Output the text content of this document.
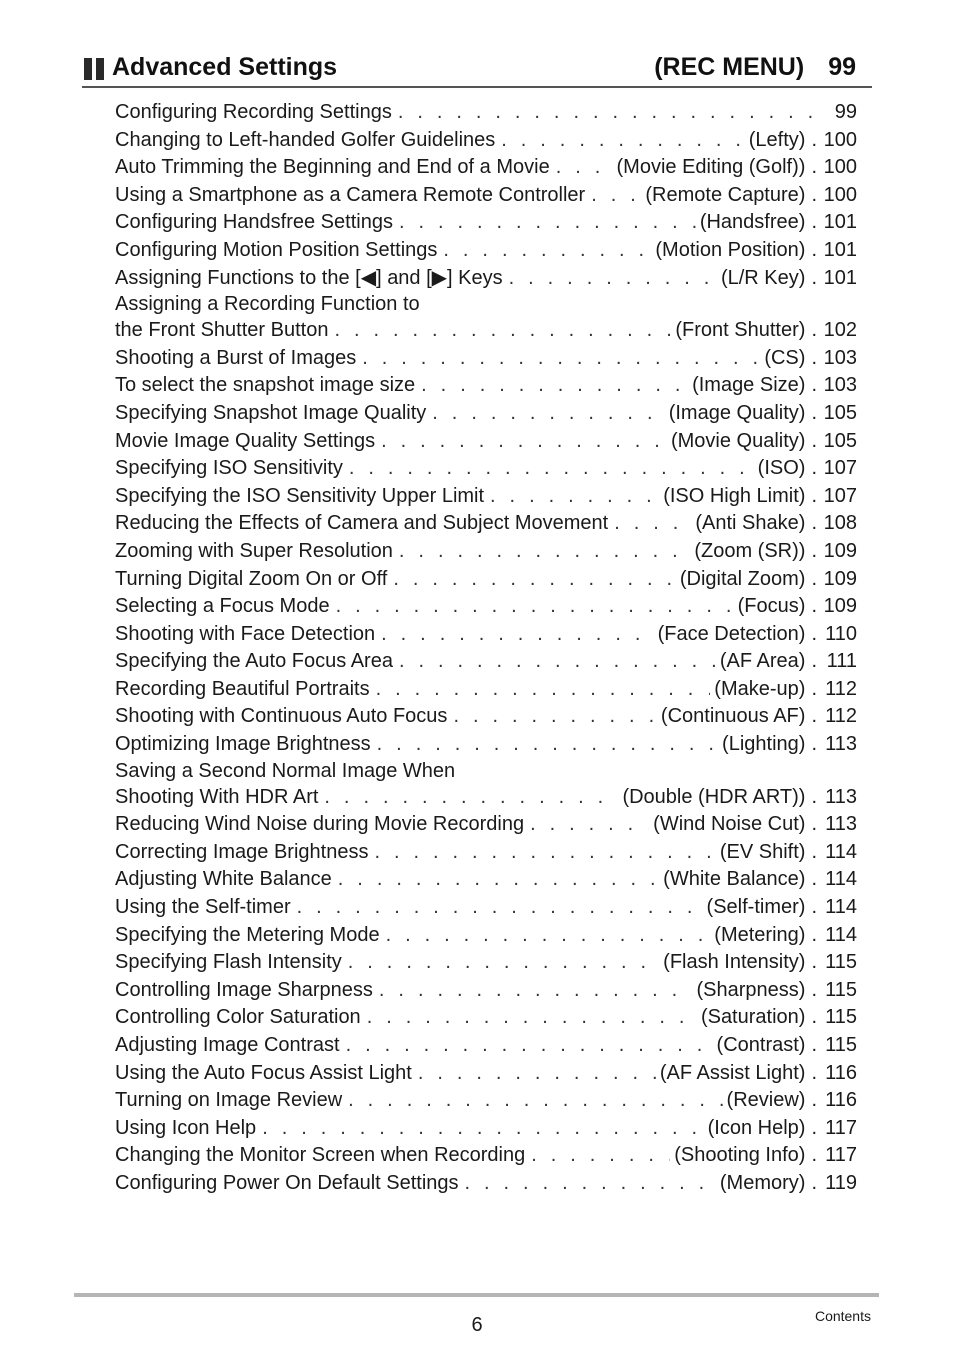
Advanced Settings	(REC MENU) 99
Configuring Recording Settings . . .	99
Changing to Left-handed Golfer Guidelines . . .	(Lefty) . 100
Auto Trimming the Beginning and End of a Movie . . .	(Movie Editing (Golf)) . 100
Using a Smartphone as a Camera Remote Controller . . .	(Remote Capture) . 100
Configuring Handsfree Settings . . .	(Handsfree) . 101
Configuring Motion Position Settings . . .	(Motion Position) . 101
Assigning Functions to the [◀] and [▶] Keys . . .	(L/R Key) . 101
Assigning a Recording Function to
the Front Shutter Button . . .	(Front Shutter) . 102
Shooting a Burst of Images . . .	(CS) . 103
To select the snapshot image size . . .	(Image Size) . 103
Specifying Snapshot Image Quality . . .	(Image Quality) . 105
Movie Image Quality Settings . . .	(Movie Quality) . 105
Specifying ISO Sensitivity . . .	(ISO) . 107
Specifying the ISO Sensitivity Upper Limit . . .	(ISO High Limit) . 107
Reducing the Effects of Camera and Subject Movement . . .	(Anti Shake) . 108
Zooming with Super Resolution . . .	(Zoom (SR)) . 109
Turning Digital Zoom On or Off . . .	(Digital Zoom) . 109
Selecting a Focus Mode . . .	(Focus) . 109
Shooting with Face Detection . . .	(Face Detection) . 110
Specifying the Auto Focus Area . . .	(AF Area) . 111
Recording Beautiful Portraits . . .	(Make-up) . 112
Shooting with Continuous Auto Focus . . .	(Continuous AF) . 112
Optimizing Image Brightness . . .	(Lighting) . 113
Saving a Second Normal Image When
Shooting With HDR Art . . .	(Double (HDR ART)) . 113
Reducing Wind Noise during Movie Recording . . .	(Wind Noise Cut) . 113
Correcting Image Brightness . . .	(EV Shift) . 114
Adjusting White Balance . . .	(White Balance) . 114
Using the Self-timer . . .	(Self-timer) . 114
Specifying the Metering Mode . . .	(Metering) . 114
Specifying Flash Intensity . . .	(Flash Intensity) . 115
Controlling Image Sharpness . . .	(Sharpness) . 115
Controlling Color Saturation . . .	(Saturation) . 115
Adjusting Image Contrast . . .	(Contrast) . 115
Using the Auto Focus Assist Light . . .	(AF Assist Light) . 116
Turning on Image Review . . .	(Review) . 116
Using Icon Help . . .	(Icon Help) . 117
Changing the Monitor Screen when Recording . . .	(Shooting Info) . 117
Configuring Power On Default Settings . . .	(Memory) . 119
6	Contents
